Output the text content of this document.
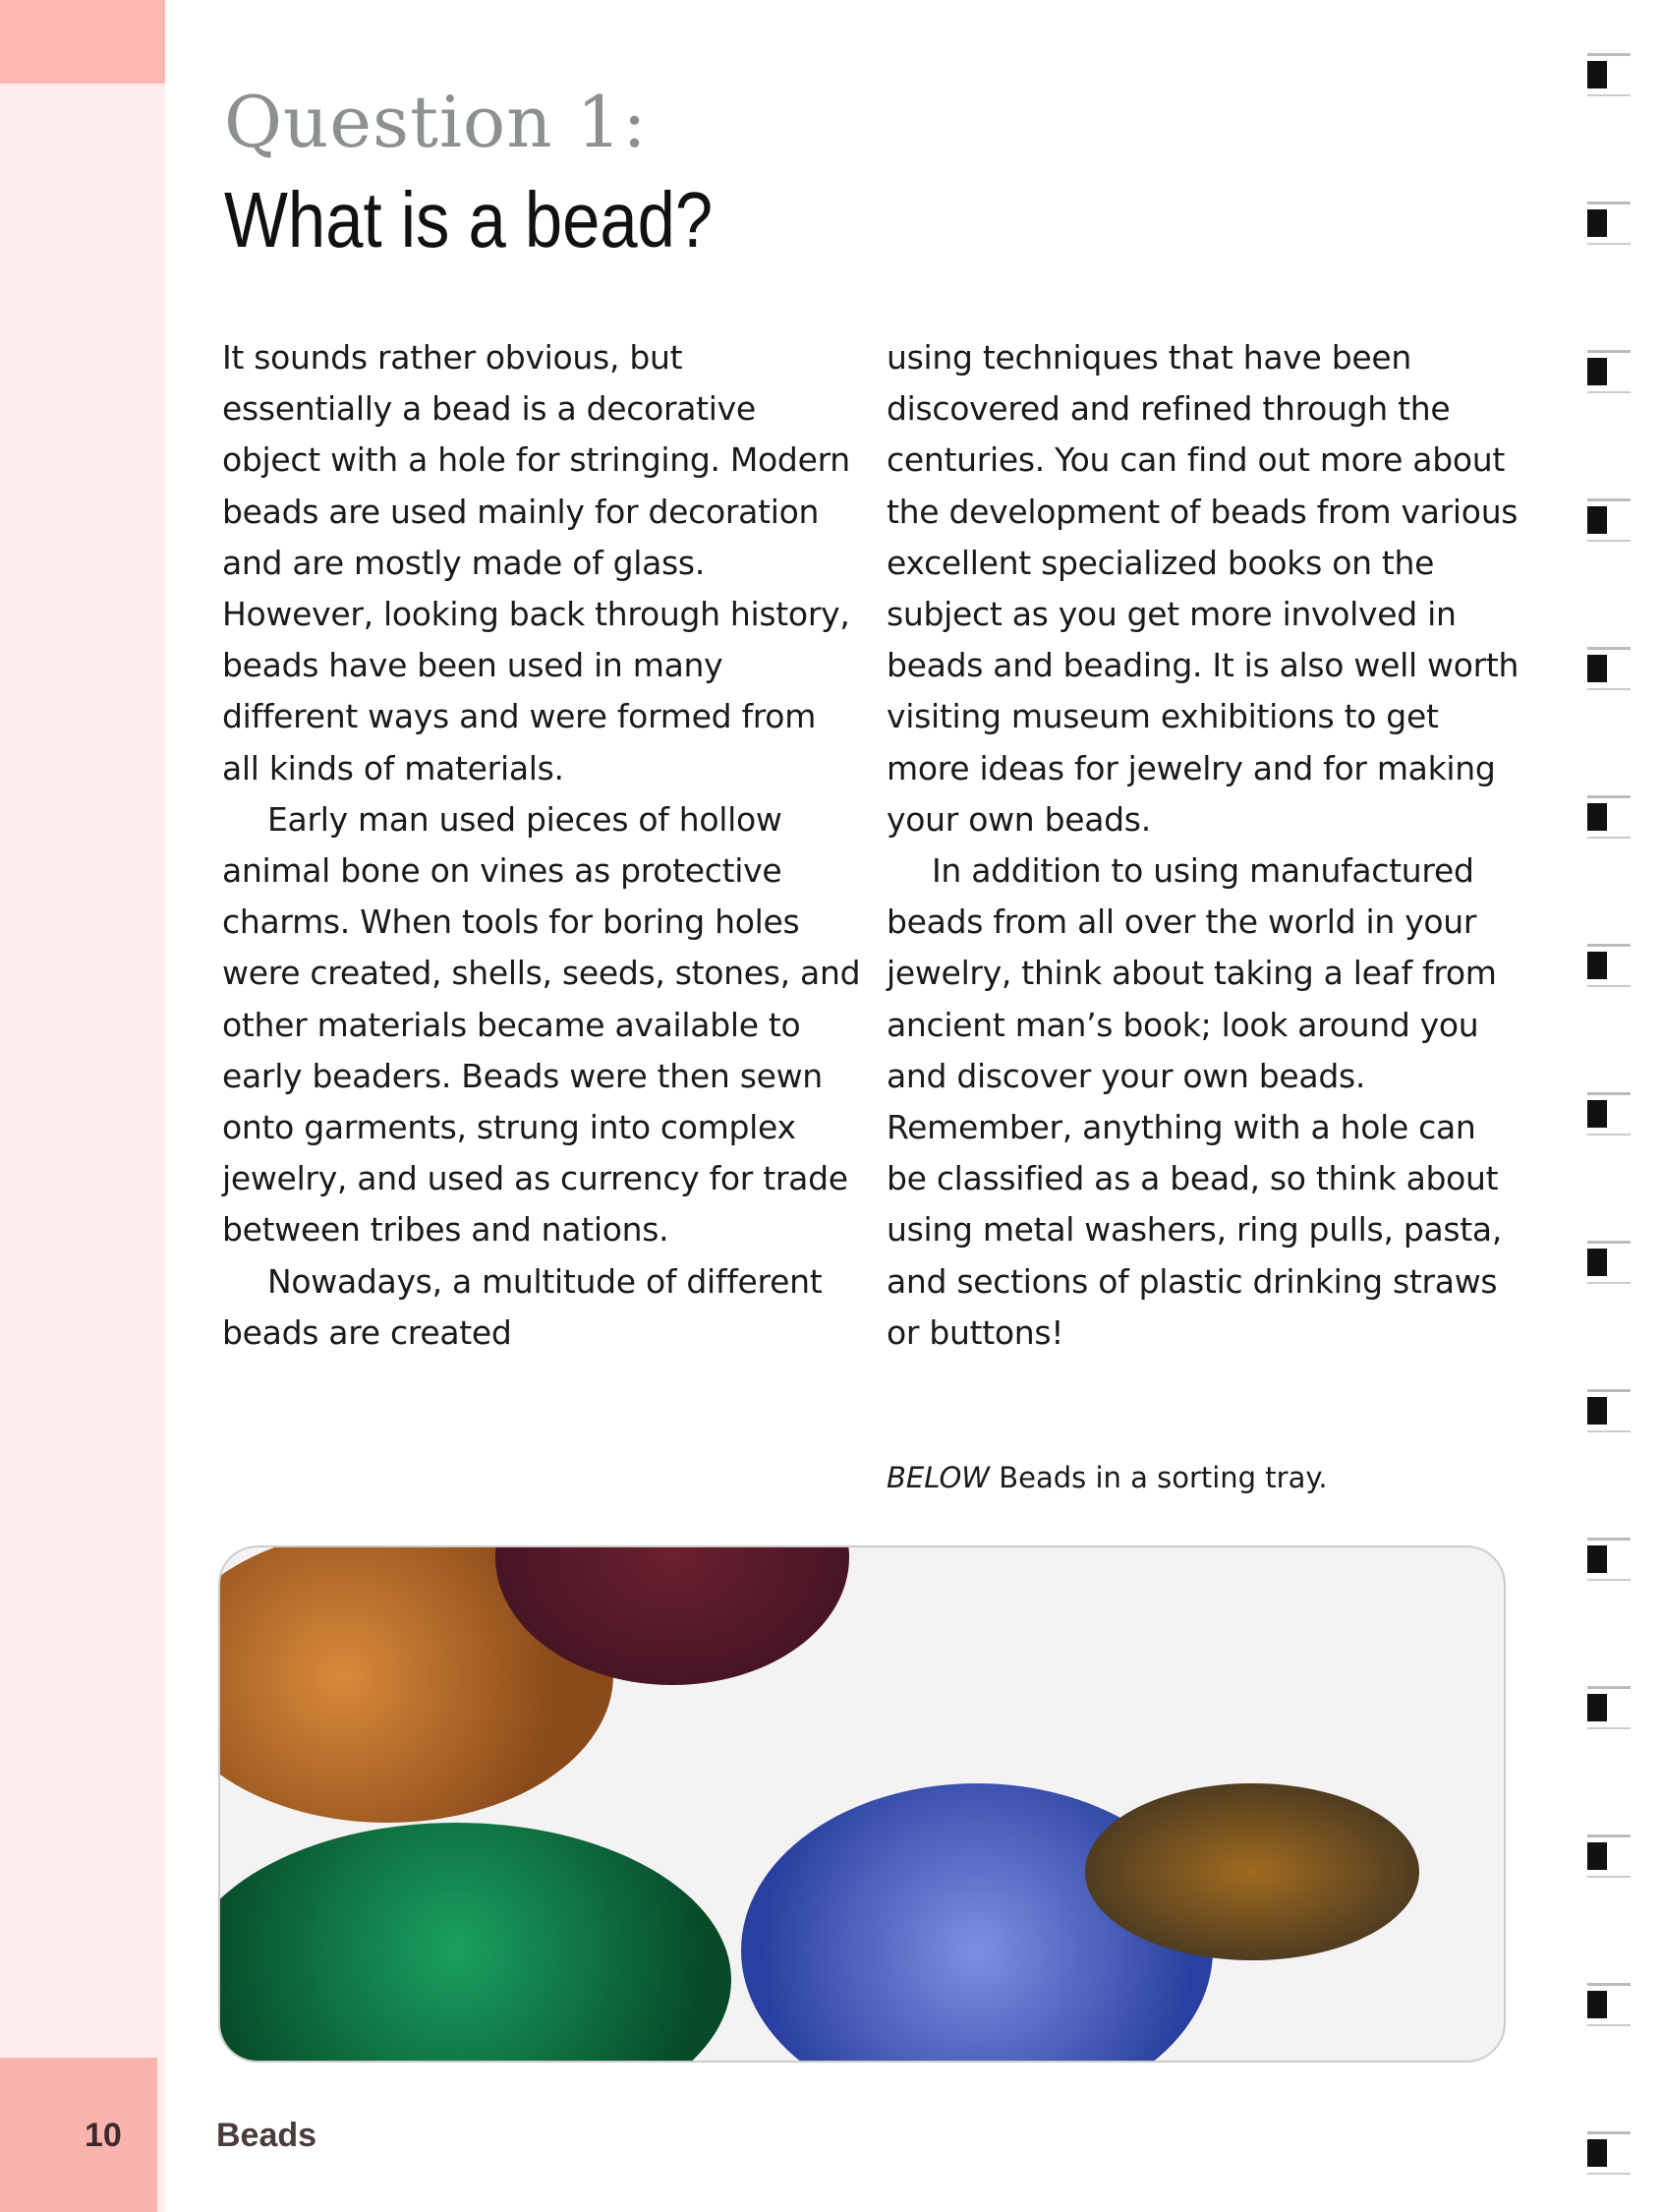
Question 1:
What is a bead?

It sounds rather obvious, but essentially a bead is a decorative object with a hole for stringing. Modern beads are used mainly for decoration and are mostly made of glass. However, looking back through history, beads have been used in many different ways and were formed from all kinds of materials.

Early man used pieces of hollow animal bone on vines as protective charms. When tools for boring holes were created, shells, seeds, stones, and other materials became available to early beaders. Beads were then sewn onto garments, strung into complex jewelry, and used as currency for trade between tribes and nations.

Nowadays, a multitude of different beads are created

using techniques that have been discovered and refined through the centuries. You can find out more about the development of beads from various excellent specialized books on the subject as you get more involved in beads and beading. It is also well worth visiting museum exhibitions to get more ideas for jewelry and for making your own beads.

In addition to using manufactured beads from all over the world in your jewelry, think about taking a leaf from ancient man’s book; look around you and discover your own beads. Remember, anything with a hole can be classified as a bead, so think about using metal washers, ring pulls, pasta, and sections of plastic drinking straws or buttons!

BELOW Beads in a sorting tray.
10	Beads
